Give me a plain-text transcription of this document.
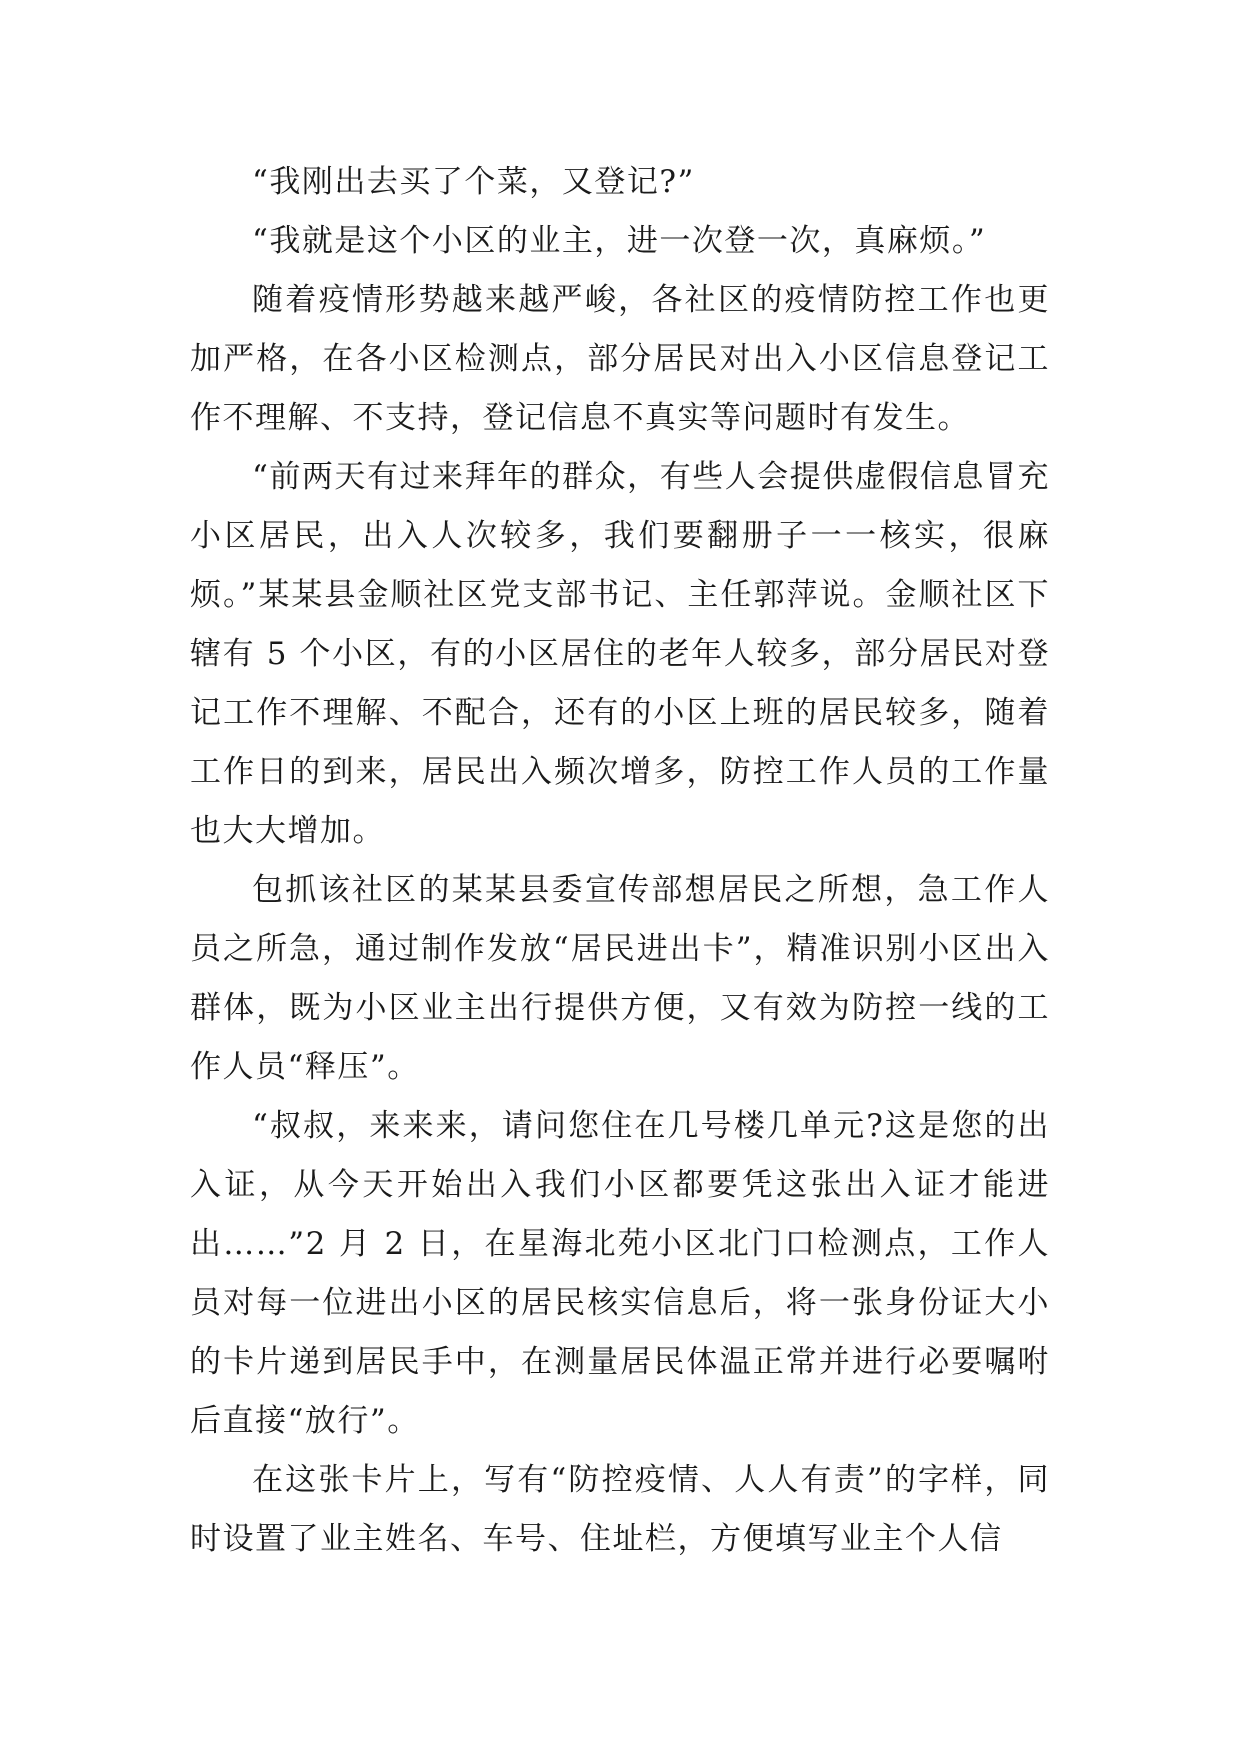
“我刚出去买了个菜，又登记?”

“我就是这个小区的业主，进一次登一次，真麻烦。”

随着疫情形势越来越严峻，各社区的疫情防控工作也更加严格，在各小区检测点，部分居民对出入小区信息登记工作不理解、不支持，登记信息不真实等问题时有发生。

“前两天有过来拜年的群众，有些人会提供虚假信息冒充小区居民，出入人次较多，我们要翻册子一一核实，很麻烦。”某某县金顺社区党支部书记、主任郭萍说。金顺社区下辖有 5 个小区，有的小区居住的老年人较多，部分居民对登记工作不理解、不配合，还有的小区上班的居民较多，随着工作日的到来，居民出入频次增多，防控工作人员的工作量也大大增加。

包抓该社区的某某县委宣传部想居民之所想，急工作人员之所急，通过制作发放“居民进出卡”，精准识别小区出入群体，既为小区业主出行提供方便，又有效为防控一线的工作人员“释压”。

“叔叔，来来来，请问您住在几号楼几单元?这是您的出入证，从今天开始出入我们小区都要凭这张出入证才能进出……”2 月 2 日，在星海北苑小区北门口检测点，工作人员对每一位进出小区的居民核实信息后，将一张身份证大小的卡片递到居民手中，在测量居民体温正常并进行必要嘱咐后直接“放行”。

在这张卡片上，写有“防控疫情、人人有责”的字样，同时设置了业主姓名、车号、住址栏，方便填写业主个人信
